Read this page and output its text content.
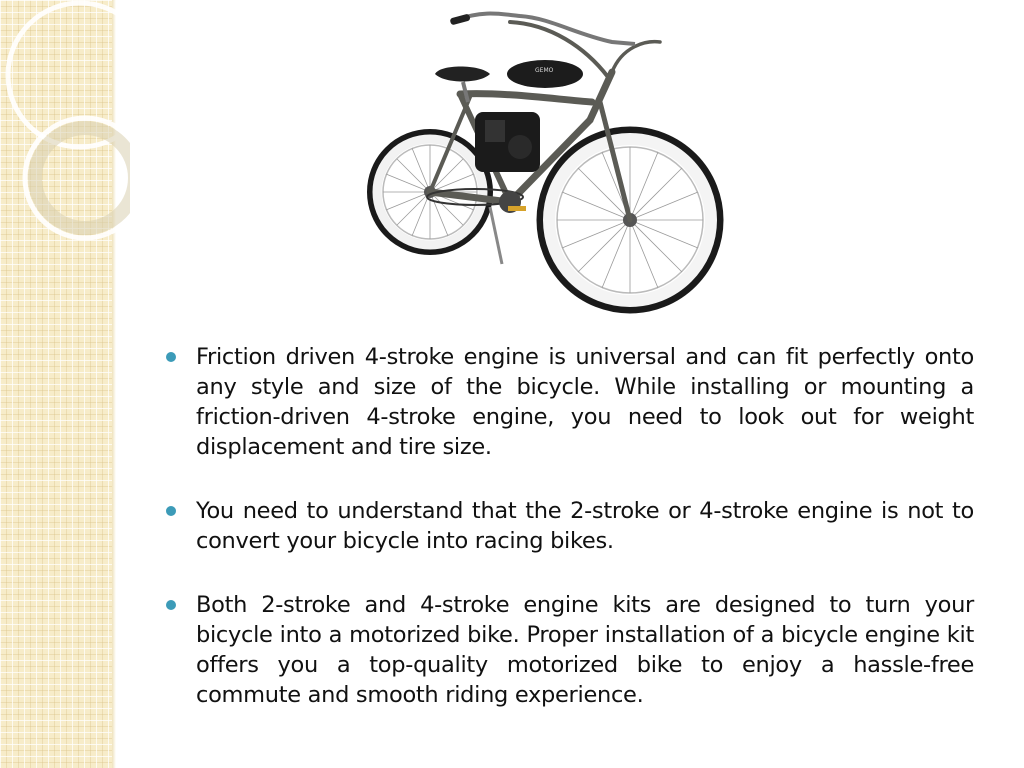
GEMO
Friction driven 4-stroke engine is universal and can fit perfectly onto any style and size of the bicycle. While installing or mounting a friction-driven 4-stroke engine, you need to look out for weight displacement and tire size.
You need to understand that the 2-stroke or 4-stroke engine is not to convert your bicycle into racing bikes.
Both 2-stroke and 4-stroke engine kits are designed to turn your bicycle into a motorized bike. Proper installation of a bicycle engine kit offers you a top-quality motorized bike to enjoy a hassle-free commute and smooth riding experience.
